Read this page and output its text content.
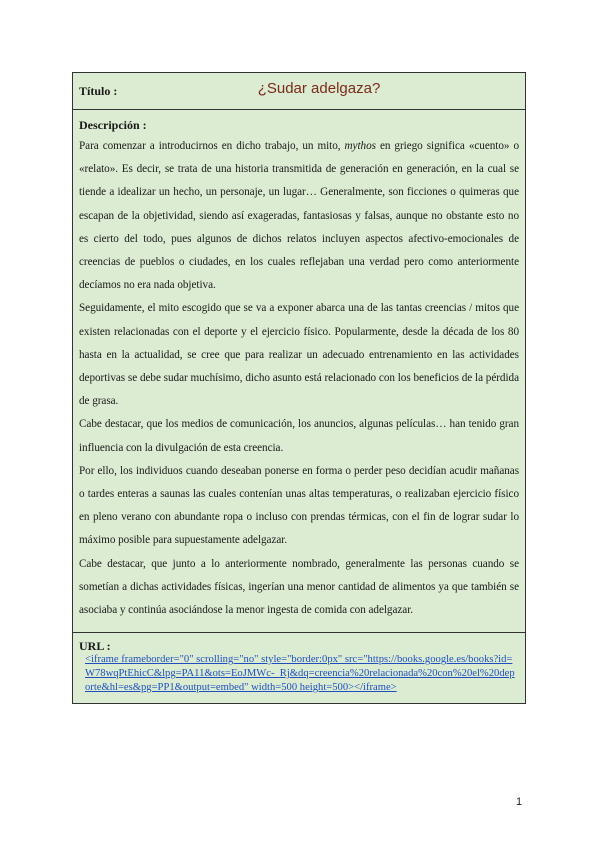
Título :	¿Sudar adelgaza?
Descripción :

Para comenzar a introducirnos en dicho trabajo, un mito, mythos en griego significa «cuento» o «relato». Es decir, se trata de una historia transmitida de generación en generación, en la cual se tiende a idealizar un hecho, un personaje, un lugar… Generalmente, son ficciones o quimeras que escapan de la objetividad, siendo así exageradas, fantasiosas y falsas, aunque no obstante esto no es cierto del todo, pues algunos de dichos relatos incluyen aspectos afectivo-emocionales de creencias de pueblos o ciudades, en los cuales reflejaban una verdad pero como anteriormente decíamos no era nada objetiva.

Seguidamente, el mito escogido que se va a exponer abarca una de las tantas creencias / mitos que existen relacionadas con el deporte y el ejercicio físico. Popularmente, desde la década de los 80 hasta en la actualidad, se cree que para realizar un adecuado entrenamiento en las actividades deportivas se debe sudar muchísimo, dicho asunto está relacionado con los beneficios de la pérdida de grasa.

Cabe destacar, que los medios de comunicación, los anuncios, algunas películas… han tenido gran influencia con la divulgación de esta creencia.

Por ello, los individuos cuando deseaban ponerse en forma o perder peso decidían acudir mañanas o tardes enteras a saunas las cuales contenían unas altas temperaturas, o realizaban ejercicio físico en pleno verano con abundante ropa o incluso con prendas térmicas, con el fin de lograr sudar lo máximo posible para supuestamente adelgazar.

Cabe destacar, que junto a lo anteriormente nombrado, generalmente las personas cuando se sometían a dichas actividades físicas, ingerían una menor cantidad de alimentos ya que también se asociaba y continúa asociándose la menor ingesta de comida con adelgazar.

URL :
<iframe frameborder="0" scrolling="no" style="border:0px" src="https://books.google.es/books?id=W78wqPtEhicC&lpg=PA11&ots=EoJMWc-_Rj&dq=creencia%20relacionada%20con%20el%20deporte&hl=es&pg=PP1&output=embed" width=500 height=500></iframe>
1
